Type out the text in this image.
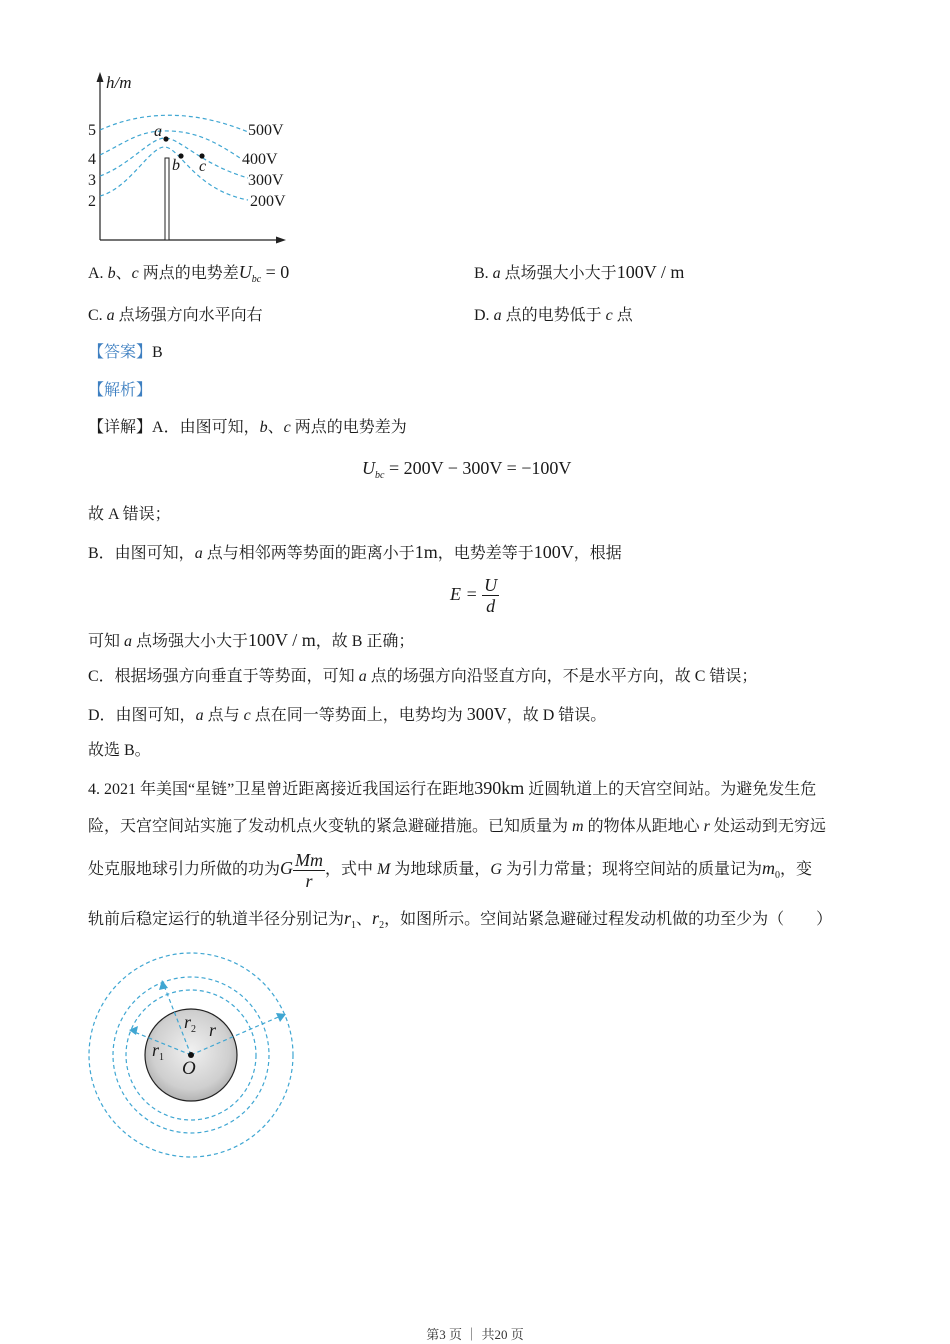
h/m
5
4
3
2
500V
400V
300V
200V
a
b c
A. b、c 两点的电势差$U_{bc} = 0$	B. a 点场强大小大于100V / m
C. a 点场强方向水平向右	D. a 点的电势低于 c 点
【答案】B
【解析】
【详解】A．由图可知，b、c 两点的电势差为
$U_{bc} = 200V - 300V = -100V$
故 A 错误；
B．由图可知，a 点与相邻两等势面的距离小于1m，电势差等于100V，根据
$E = \frac{U}{d}$
可知 a 点场强大小大于100V / m，故 B 正确；
C．根据场强方向垂直于等势面，可知 a 点的场强方向沿竖直方向，不是水平方向，故 C 错误；
D．由图可知，a 点与 c 点在同一等势面上，电势均为 300V，故 D 错误。
故选 B。
4. 2021 年美国“星链”卫星曾近距离接近我国运行在距地390km 近圆轨道上的天宫空间站。为避免发生危
险，天宫空间站实施了发动机点火变轨的紧急避碰措施。已知质量为 m 的物体从距地心 r 处运动到无穷远
处克服地球引力所做的功为G $\frac{Mm}{r}$ ，式中 M 为地球质量，G 为引力常量；现将空间站的质量记为$m_0$，变
轨前后稳定运行的轨道半径分别记为$r_1$、$r_2$，如图所示。空间站紧急避碰过程发动机做的功至少为（　　）
$r_1$
$r_2$ r
O
第3 页 ｜ 共20 页
